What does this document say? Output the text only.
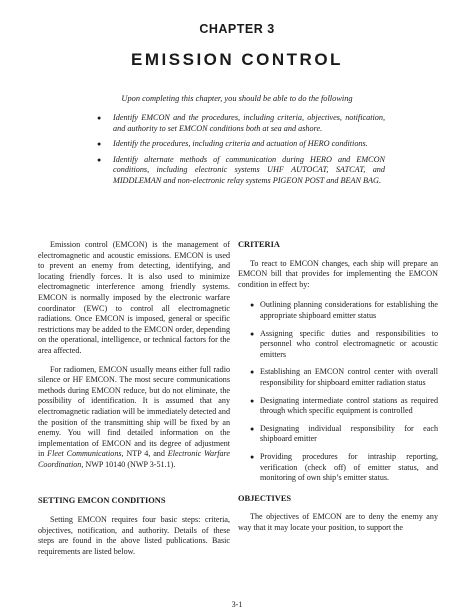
CHAPTER 3
EMISSION CONTROL
Upon completing this chapter, you should be able to do the following
● Identify EMCON and the procedures, including criteria, objectives, notification, and authority to set EMCON conditions both at sea and ashore.
● Identify the procedures, including criteria and actuation of HERO conditions.
● Identify alternate methods of communication during HERO and EMCON conditions, including electronic systems UHF AUTOCAT, SATCAT, and MIDDLEMAN and non-electronic relay systems PIGEON POST and BEAN BAG.

Emission control (EMCON) is the management of electromagnetic and acoustic emissions. EMCON is used to prevent an enemy from detecting, identifying, and locating friendly forces. It is also used to minimize electromagnetic interference among friendly systems. EMCON is normally imposed by the electronic warfare coordinator (EWC) to control all electromagnetic radiations. Once EMCON is imposed, general or specific restrictions may be added to the EMCON order, depending on the operational, intelligence, or technical factors for the area affected.

For radiomen, EMCON usually means either full radio silence or HF EMCON. The most secure communications methods during EMCON reduce, but do not eliminate, the possibility of identification. It is assumed that any electromagnetic radiation will be immediately detected and the position of the transmitting ship will be fixed by an enemy. You will find detailed information on the implementation of EMCON and its degree of adjustment in Fleet Communications, NTP 4, and Electronic Warfare Coordination, NWP 10140 (NWP 3-51.1).

SETTING EMCON CONDITIONS

Setting EMCON requires four basic steps: criteria, objectives, notification, and authority. Details of these steps are found in the above listed publications. Basic requirements are listed below.

CRITERIA

To react to EMCON changes, each ship will prepare an EMCON bill that provides for implementing the EMCON condition in effect by:

● Outlining planning considerations for establishing the appropriate shipboard emitter status
● Assigning specific duties and responsibilities to personnel who control electromagnetic or acoustic emitters
● Establishing an EMCON control center with overall responsibility for shipboard emitter radiation status
● Designating intermediate control stations as required through which specific equipment is controlled
● Designating individual responsibility for each shipboard emitter
● Providing procedures for intraship reporting, verification (check off) of emitter status, and monitoring of own ship’s emitter status.

OBJECTIVES

The objectives of EMCON are to deny the enemy any way that it may locate your position, to support the

3-1
